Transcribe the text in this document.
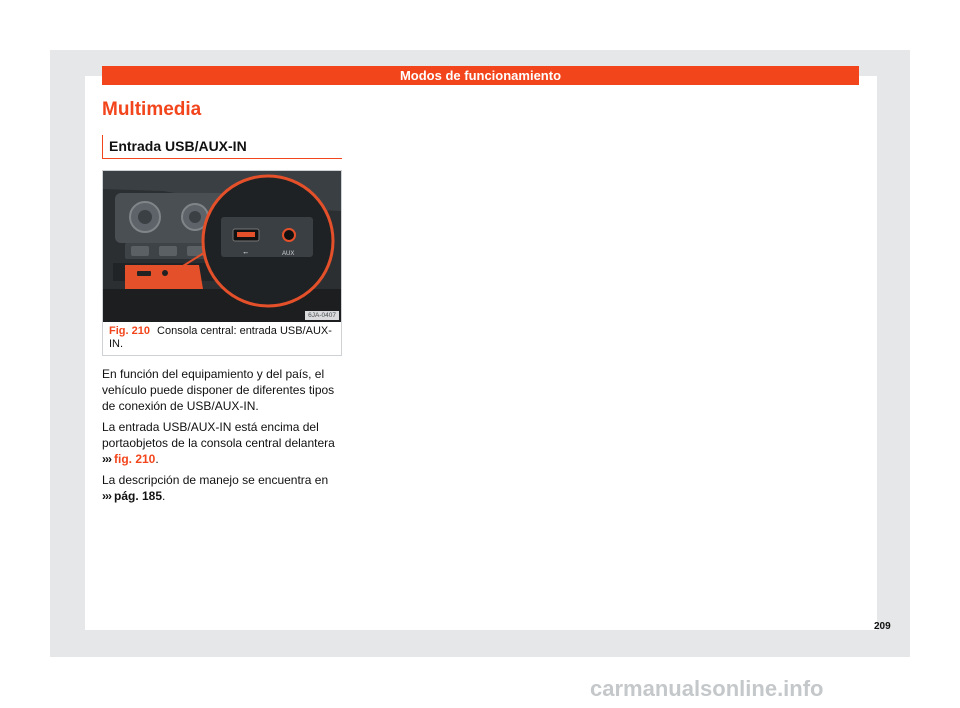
Modos de funcionamiento
Multimedia
Entrada USB/AUX-IN
⭪	AUX
6JA-0407
Fig. 210 Consola central: entrada USB/AUX-IN.

En función del equipamiento y del país, el vehículo puede disponer de diferentes tipos de conexión de USB/AUX-IN.

La entrada USB/AUX-IN está encima del portaobjetos de la consola central delantera
››› fig. 210.

La descripción de manejo se encuentra en
››› pág. 185.

209
carmanualsonline.info
